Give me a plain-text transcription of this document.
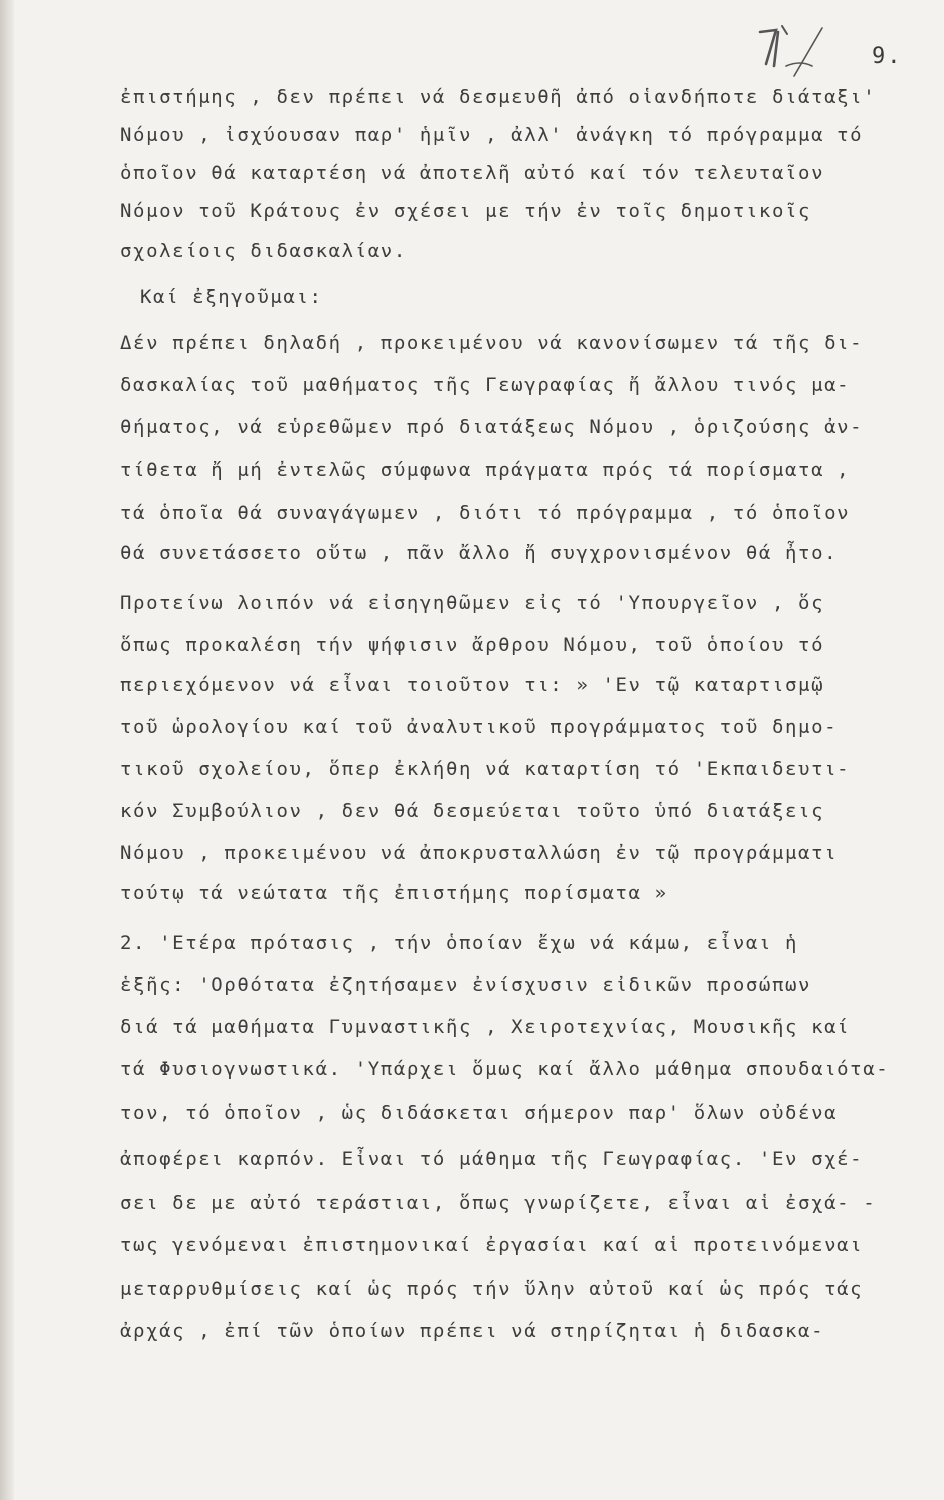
9.
ἐπιστήμης , δεν πρέπει νά δεσμευθῆ ἀπό οἱανδήποτε διάταξι'
Νόμου , ἰσχύουσαν παρ' ἡμῖν , ἀλλ' ἀνάγκη τό πρόγραμμα τό
ὁποῖον θά καταρτέση νά ἀποτελῆ αὐτό καί τόν τελευταῖον
Νόμον τοῦ Κράτους ἐν σχέσει με τήν ἐν τοῖς δημοτικοῖς
σχολείοις διδασκαλίαν.
Καί ἐξηγοῦμαι:
Δέν πρέπει δηλαδή , προκειμένου νά κανονίσωμεν τά τῆς δι-
δασκαλίας τοῦ μαθήματος τῆς Γεωγραφίας ἤ ἄλλου τινός μα-
θήματος, νά εὑρεθῶμεν πρό διατάξεως Νόμου , ὁριζούσης ἀν-
τίθετα ἤ μή ἐντελῶς σύμφωνα πράγματα πρός τά πορίσματα ,
τά ὁποῖα θά συναγάγωμεν , διότι τό πρόγραμμα , τό ὁποῖον
θά συνετάσσετο οὕτω , πᾶν ἄλλο ἤ συγχρονισμένον θά ἦτο.
Προτείνω λοιπόν νά εἰσηγηθῶμεν εἰς τό 'Υπουργεῖον , ὅς
ὅπως προκαλέση τήν ψήφισιν ἄρθρου Νόμου, τοῦ ὁποίου τό
περιεχόμενον νά εἶναι τοιοῦτον τι: » 'Εν τῷ καταρτισμῷ
τοῦ ὡρολογίου καί τοῦ ἀναλυτικοῦ προγράμματος τοῦ δημο-
τικοῦ σχολείου, ὅπερ ἐκλήθη νά καταρτίση τό 'Εκπαιδευτι-
κόν Συμβούλιον , δεν θά δεσμεύεται τοῦτο ὑπό διατάξεις
Νόμου , προκειμένου νά ἀποκρυσταλλώση ἐν τῷ προγράμματι
τούτῳ τά νεώτατα τῆς ἐπιστήμης πορίσματα »
2. 'Ετέρα πρότασις , τήν ὁποίαν ἔχω νά κάμω, εἶναι ἡ
ἑξῆς: 'Ορθότατα ἐζητήσαμεν ἐνίσχυσιν εἰδικῶν προσώπων
διά τά μαθήματα Γυμναστικῆς , Χειροτεχνίας, Μουσικῆς καί
τά Φυσιογνωστικά. 'Υπάρχει ὅμως καί ἄλλο μάθημα σπουδαιότα-
τον, τό ὁποῖον , ὡς διδάσκεται σήμερον παρ' ὅλων οὐδένα
ἀποφέρει καρπόν. Εἶναι τό μάθημα τῆς Γεωγραφίας. 'Εν σχέ-
σει δε με αὐτό τεράστιαι, ὅπως γνωρίζετε, εἶναι αἱ ἐσχά- -
τως γενόμεναι ἐπιστημονικαί ἐργασίαι καί αἱ προτεινόμεναι
μεταρρυθμίσεις καί ὡς πρός τήν ὕλην αὐτοῦ καί ὡς πρός τάς
ἀρχάς , ἐπί τῶν ὁποίων πρέπει νά στηρίζηται ἡ διδασκα-
